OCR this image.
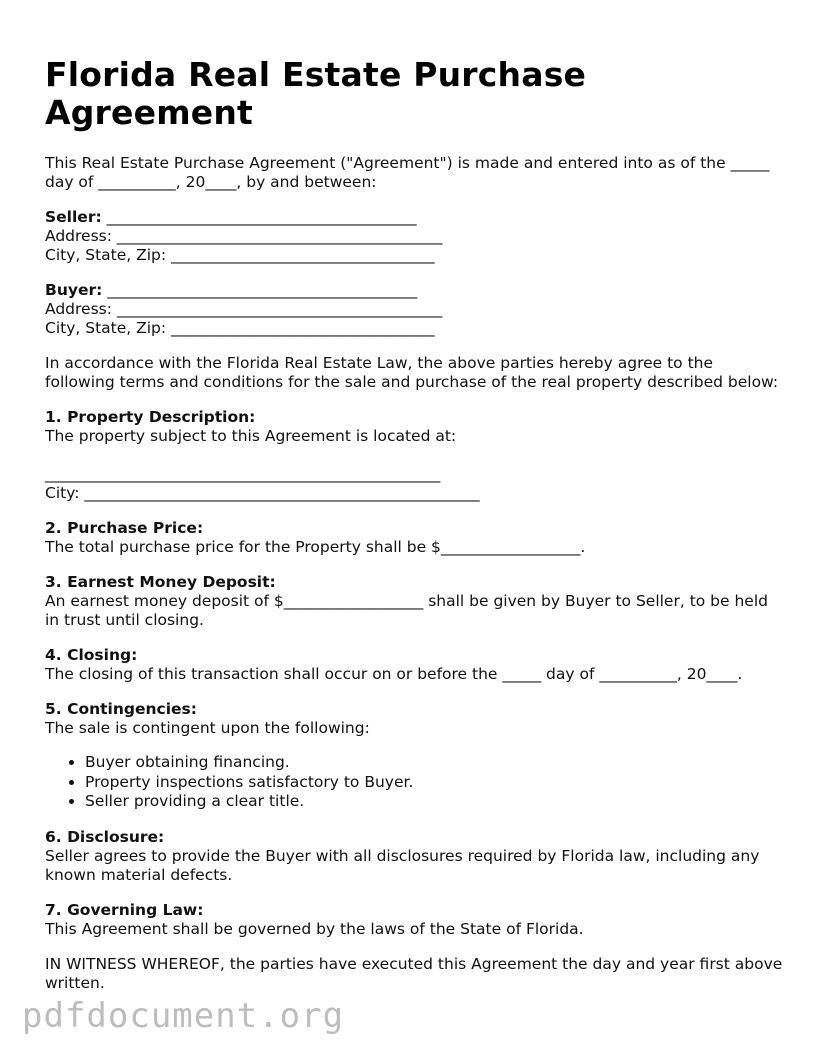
Florida Real Estate Purchase Agreement

This Real Estate Purchase Agreement ("Agreement") is made and entered into as of the _____ day of __________, 20____, by and between:

Seller: ________________________________________

Address: __________________________________________

City, State, Zip: __________________________________

Buyer: ________________________________________

Address: __________________________________________

City, State, Zip: __________________________________

In accordance with the Florida Real Estate Law, the above parties hereby agree to the following terms and conditions for the sale and purchase of the real property described below:

1. Property Description:

The property subject to this Agreement is located at:

___________________________________________________

City: ___________________________________________________

2. Purchase Price:

The total purchase price for the Property shall be $__________________.

3. Earnest Money Deposit:

An earnest money deposit of $__________________ shall be given by Buyer to Seller, to be held in trust until closing.

4. Closing:

The closing of this transaction shall occur on or before the _____ day of __________, 20____.

5. Contingencies:

The sale is contingent upon the following:

• Buyer obtaining financing.
• Property inspections satisfactory to Buyer.
• Seller providing a clear title.

6. Disclosure:

Seller agrees to provide the Buyer with all disclosures required by Florida law, including any known material defects.

7. Governing Law:

This Agreement shall be governed by the laws of the State of Florida.

IN WITNESS WHEREOF, the parties have executed this Agreement the day and year first above written.

pdfdocument.org
